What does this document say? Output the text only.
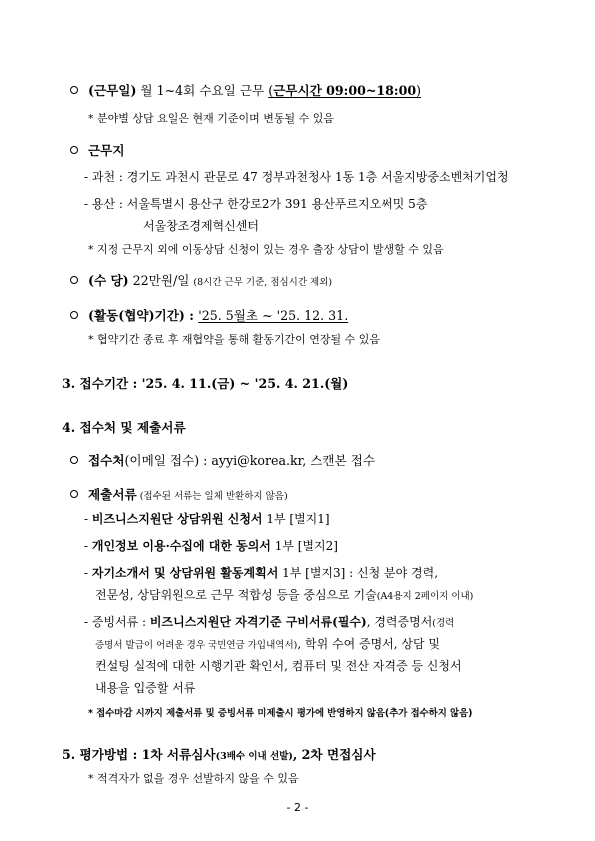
(근무일) 월 1~4회 수요일 근무 (근무시간 09:00~18:00)
* 분야별 상담 요일은 현재 기준이며 변동될 수 있음
근무지
- 과천 : 경기도 과천시 관문로 47 정부과천청사 1동 1층 서울지방중소벤처기업청
- 용산 : 서울특별시 용산구 한강로2가 391 용산푸르지오써밋 5층
서울창조경제혁신센터
* 지정 근무지 외에 이동상담 신청이 있는 경우 출장 상담이 발생할 수 있음
(수 당) 22만원/일 (8시간 근무 기준, 점심시간 제외)
(활동(협약)기간) : '25. 5월초 ~ '25. 12. 31.
* 협약기간 종료 후 재협약을 통해 활동기간이 연장될 수 있음
3. 접수기간 : '25. 4. 11.(금) ~ '25. 4. 21.(월)
4. 접수처 및 제출서류
접수처(이메일 접수) : ayyi@korea.kr, 스캔본 접수
제출서류 (접수된 서류는 일체 반환하지 않음)
- 비즈니스지원단 상담위원 신청서 1부 [별지1]
- 개인정보 이용·수집에 대한 동의서 1부 [별지2]
- 자기소개서 및 상담위원 활동계획서 1부 [별지3] : 신청 분야 경력,
전문성, 상담위원으로 근무 적합성 등을 중심으로 기술(A4용지 2페이지 이내)
- 증빙서류 : 비즈니스지원단 자격기준 구비서류(필수), 경력증명서(경력
증명서 발급이 어려운 경우 국민연금 가입내역서), 학위 수여 증명서, 상담 및
컨설팅 실적에 대한 시행기관 확인서, 컴퓨터 및 전산 자격증 등 신청서
내용을 입증할 서류
* 접수마감 시까지 제출서류 및 증빙서류 미제출시 평가에 반영하지 않음(추가 접수하지 않음)
5. 평가방법 : 1차 서류심사(3배수 이내 선발), 2차 면접심사
* 적격자가 없을 경우 선발하지 않을 수 있음
- 2 -
